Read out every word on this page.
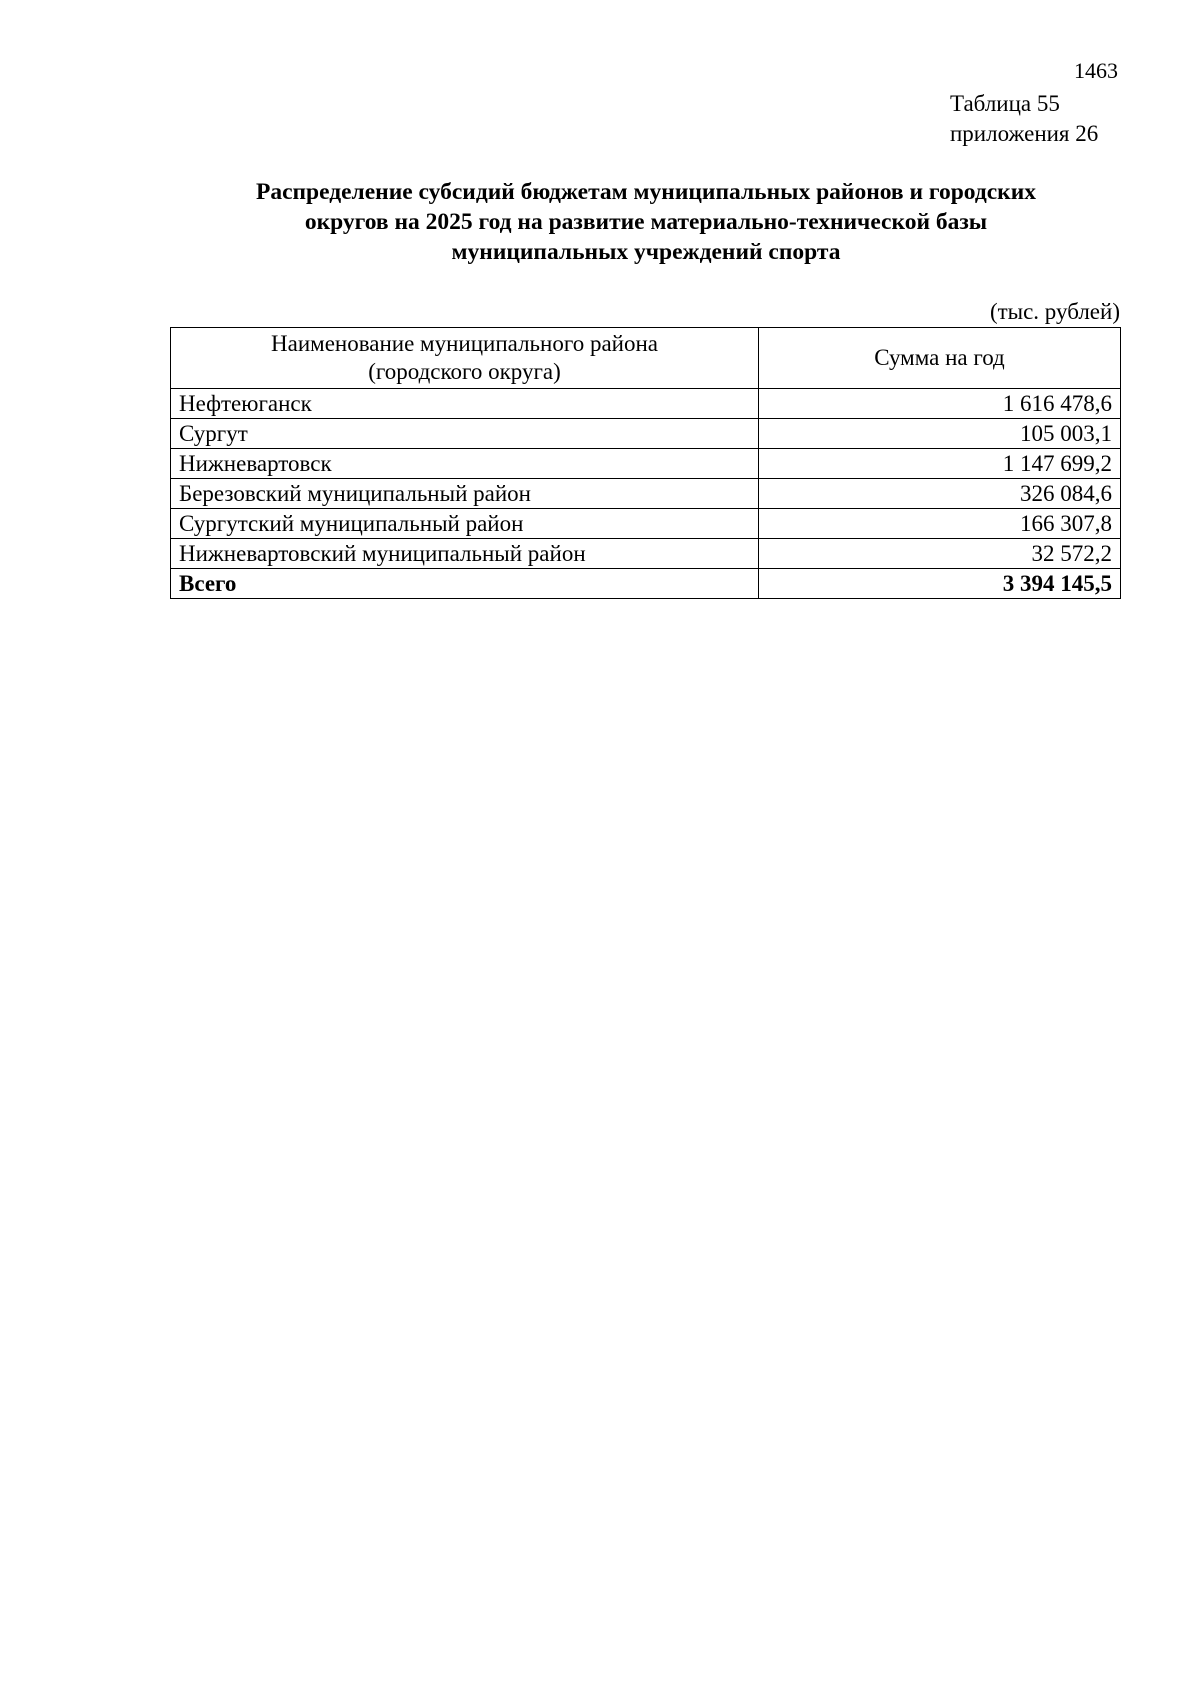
1463
Таблица 55
приложения 26
Распределение субсидий бюджетам муниципальных районов и городских
округов на 2025 год на развитие материально-технической базы
муниципальных учреждений спорта
(тыс. рублей)
Наименование муниципального района
(городского округа)	Сумма на год
Нефтеюганск	1 616 478,6
Сургут	105 003,1
Нижневартовск	1 147 699,2
Березовский муниципальный район	326 084,6
Сургутский муниципальный район	166 307,8
Нижневартовский муниципальный район	32 572,2
Всего	3 394 145,5
